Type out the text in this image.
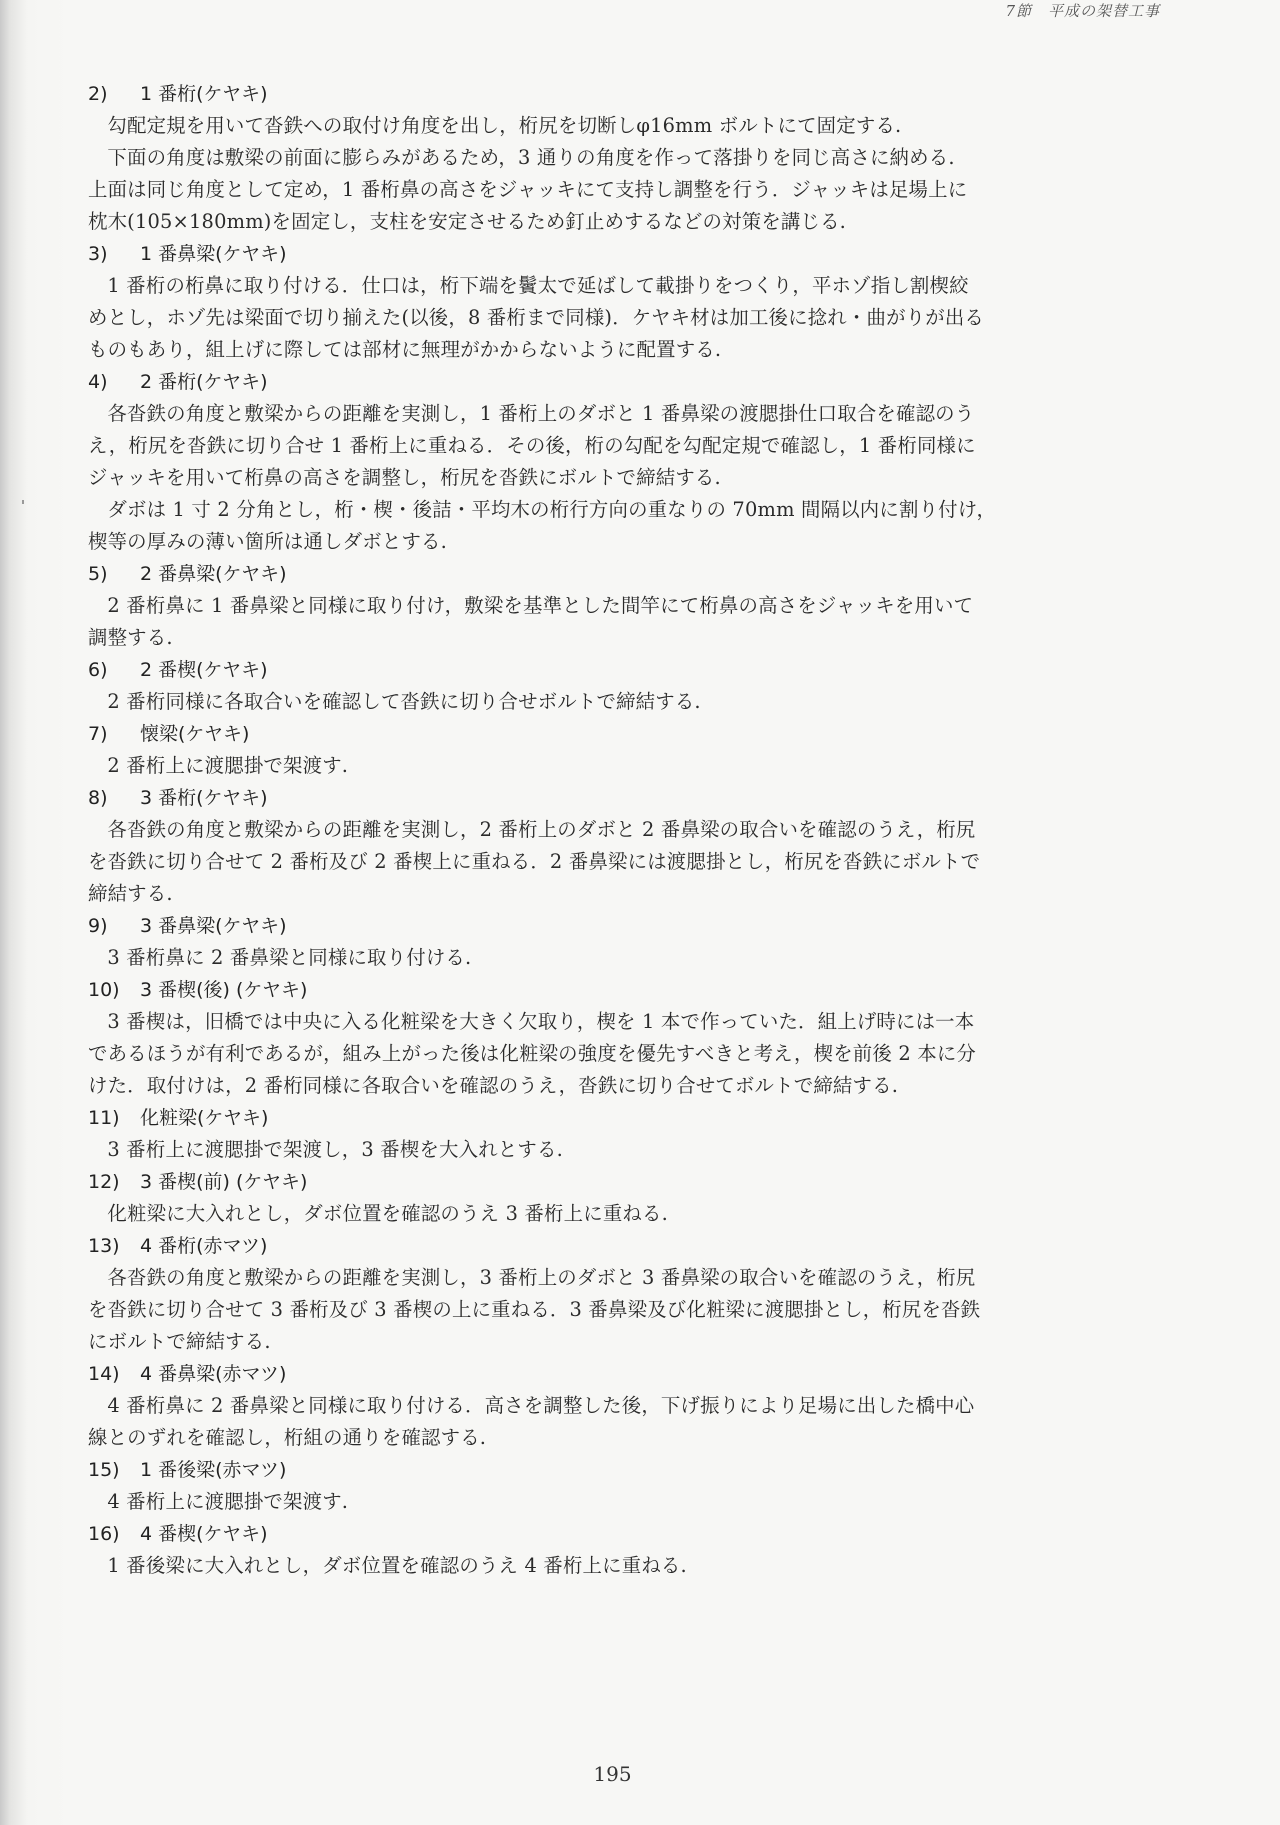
7節　平成の架替工事

2) 1 番桁(ケヤキ)

勾配定規を用いて沓鉄への取付け角度を出し，桁尻を切断しφ16mm ボルトにて固定する.

下面の角度は敷梁の前面に膨らみがあるため，3 通りの角度を作って落掛りを同じ高さに納める.
上面は同じ角度として定め，1 番桁鼻の高さをジャッキにて支持し調整を行う．ジャッキは足場上に
枕木(105×180mm)を固定し，支柱を安定させるため釘止めするなどの対策を講じる.

3) 1 番鼻梁(ケヤキ)

1 番桁の桁鼻に取り付ける．仕口は，桁下端を鬢太で延ばして載掛りをつくり，平ホゾ指し割楔絞
めとし，ホゾ先は梁面で切り揃えた(以後，8 番桁まで同様)．ケヤキ材は加工後に捻れ・曲がりが出る
ものもあり，組上げに際しては部材に無理がかからないように配置する.

4) 2 番桁(ケヤキ)

各沓鉄の角度と敷梁からの距離を実測し，1 番桁上のダボと 1 番鼻梁の渡腮掛仕口取合を確認のう
え，桁尻を沓鉄に切り合せ 1 番桁上に重ねる．その後，桁の勾配を勾配定規で確認し，1 番桁同様に
ジャッキを用いて桁鼻の高さを調整し，桁尻を沓鉄にボルトで締結する.

ダボは 1 寸 2 分角とし，桁・楔・後詰・平均木の桁行方向の重なりの 70mm 間隔以内に割り付け，
楔等の厚みの薄い箇所は通しダボとする.

5) 2 番鼻梁(ケヤキ)

2 番桁鼻に 1 番鼻梁と同様に取り付け，敷梁を基準とした間竿にて桁鼻の高さをジャッキを用いて
調整する.

6) 2 番楔(ケヤキ)

2 番桁同様に各取合いを確認して沓鉄に切り合せボルトで締結する.

7) 懐梁(ケヤキ)

2 番桁上に渡腮掛で架渡す.

8) 3 番桁(ケヤキ)

各沓鉄の角度と敷梁からの距離を実測し，2 番桁上のダボと 2 番鼻梁の取合いを確認のうえ，桁尻
を沓鉄に切り合せて 2 番桁及び 2 番楔上に重ねる．2 番鼻梁には渡腮掛とし，桁尻を沓鉄にボルトで
締結する.

9) 3 番鼻梁(ケヤキ)

3 番桁鼻に 2 番鼻梁と同様に取り付ける.

10) 3 番楔(後) (ケヤキ)

3 番楔は，旧橋では中央に入る化粧梁を大きく欠取り，楔を 1 本で作っていた．組上げ時には一本
であるほうが有利であるが，組み上がった後は化粧梁の強度を優先すべきと考え，楔を前後 2 本に分
けた．取付けは，2 番桁同様に各取合いを確認のうえ，沓鉄に切り合せてボルトで締結する.

11) 化粧梁(ケヤキ)

3 番桁上に渡腮掛で架渡し，3 番楔を大入れとする.

12) 3 番楔(前) (ケヤキ)

化粧梁に大入れとし，ダボ位置を確認のうえ 3 番桁上に重ねる.

13) 4 番桁(赤マツ)

各沓鉄の角度と敷梁からの距離を実測し，3 番桁上のダボと 3 番鼻梁の取合いを確認のうえ，桁尻
を沓鉄に切り合せて 3 番桁及び 3 番楔の上に重ねる．3 番鼻梁及び化粧梁に渡腮掛とし，桁尻を沓鉄
にボルトで締結する.

14) 4 番鼻梁(赤マツ)

4 番桁鼻に 2 番鼻梁と同様に取り付ける．高さを調整した後，下げ振りにより足場に出した橋中心
線とのずれを確認し，桁組の通りを確認する.

15) 1 番後梁(赤マツ)

4 番桁上に渡腮掛で架渡す.

16) 4 番楔(ケヤキ)

1 番後梁に大入れとし，ダボ位置を確認のうえ 4 番桁上に重ねる.

195
